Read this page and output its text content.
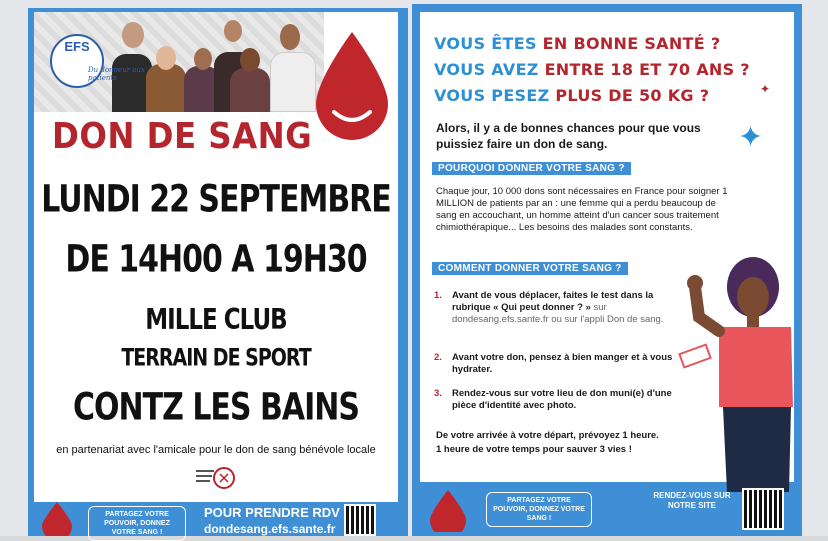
EFS
Du donneur aux patients
DON DE SANG
LUNDI 22 SEPTEMBRE
DE 14H00 A 19H30
MILLE CLUB
TERRAIN DE SPORT
CONTZ LES BAINS
en partenariat avec l'amicale pour le don de sang bénévole locale
PARTAGEZ VOTRE POUVOIR, DONNEZ VOTRE SANG !
POUR PRENDRE RDV
dondesang.efs.sante.fr
VOUS ÊTES EN BONNE SANTÉ ?
VOUS AVEZ ENTRE 18 ET 70 ANS ?
VOUS PESEZ PLUS DE 50 KG ?	✦
✦
Alors, il y a de bonnes chances pour que vous puissiez faire un don de sang.
POURQUOI DONNER VOTRE SANG ?
Chaque jour, 10 000 dons sont nécessaires en France pour soigner 1 MILLION de patients par an : une femme qui a perdu beaucoup de sang en accouchant, un homme atteint d'un cancer sous traitement chimiothérapique... Les besoins des malades sont constants.
COMMENT DONNER VOTRE SANG ?
1. Avant de vous déplacer, faites le test dans la rubrique « Qui peut donner ? » sur dondesang.efs.sante.fr ou sur l'appli Don de sang.
2. Avant votre don, pensez à bien manger et à vous hydrater.
3. Rendez-vous sur votre lieu de don muni(e) d'une pièce d'identité avec photo.
De votre arrivée à votre départ, prévoyez 1 heure.
1 heure de votre temps pour sauver 3 vies !
PARTAGEZ VOTRE POUVOIR, DONNEZ VOTRE SANG !
RENDEZ-VOUS SUR NOTRE SITE
